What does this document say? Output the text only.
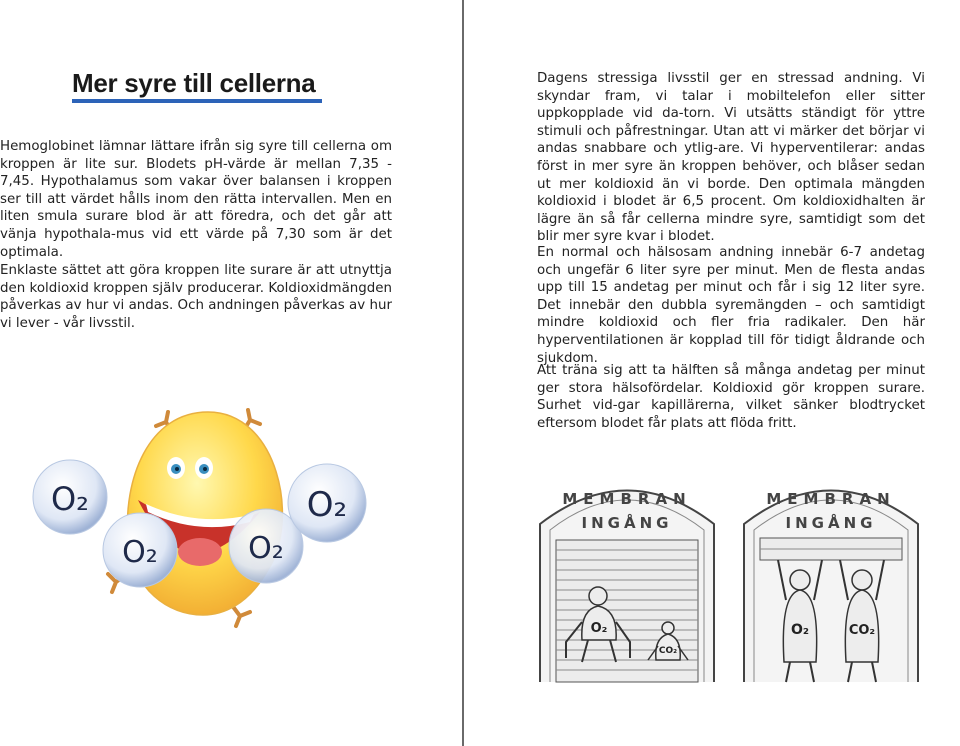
Mer syre till cellerna

Hemoglobinet lämnar lättare ifrån sig syre till cellerna om kroppen är lite sur. Blodets pH-värde är mellan 7,35 - 7,45. Hypothalamus som vakar över balansen i kroppen ser till att värdet hålls inom den rätta intervallen. Men en liten smula surare blod är att föredra, och det går att vänja hypothala-mus vid ett värde på 7,30 som är det optimala.

Enklaste sättet att göra kroppen lite surare är att utnyttja den koldioxid kroppen själv producerar. Koldioxidmängden påverkas av hur vi andas. Och andningen påverkas av hur vi lever - vår livsstil.

O₂
O₂	O₂
O₂

Dagens stressiga livsstil ger en stressad andning. Vi skyndar fram, vi talar i mobiltelefon eller sitter uppkopplade vid da-torn. Vi utsätts ständigt för yttre stimuli och påfrestningar. Utan att vi märker det börjar vi andas snabbare och ytlig-are. Vi hyperventilerar: andas först in mer syre än kroppen behöver, och blåser sedan ut mer koldioxid än vi borde. Den optimala mängden koldioxid i blodet är 6,5 procent. Om koldioxidhalten är lägre än så får cellerna mindre syre, samtidigt som det blir mer syre kvar i blodet.

En normal och hälsosam andning innebär 6-7 andetag och ungefär 6 liter syre per minut. Men de flesta andas upp till 15 andetag per minut och får i sig 12 liter syre. Det innebär den dubbla syremängden – och samtidigt mindre koldioxid och fler fria radikaler. Den här hyperventilationen är kopplad till för tidigt åldrande och sjukdom.

Att träna sig att ta hälften så många andetag per minut ger stora hälsofördelar. Koldioxid gör kroppen surare. Surhet vid-gar kapillärerna, vilket sänker blodtrycket eftersom blodet får plats att flöda fritt.

MEMBRAN
INGÅNG
O₂
CO₂
MEMBRAN
INGÅNG
O₂	CO₂
